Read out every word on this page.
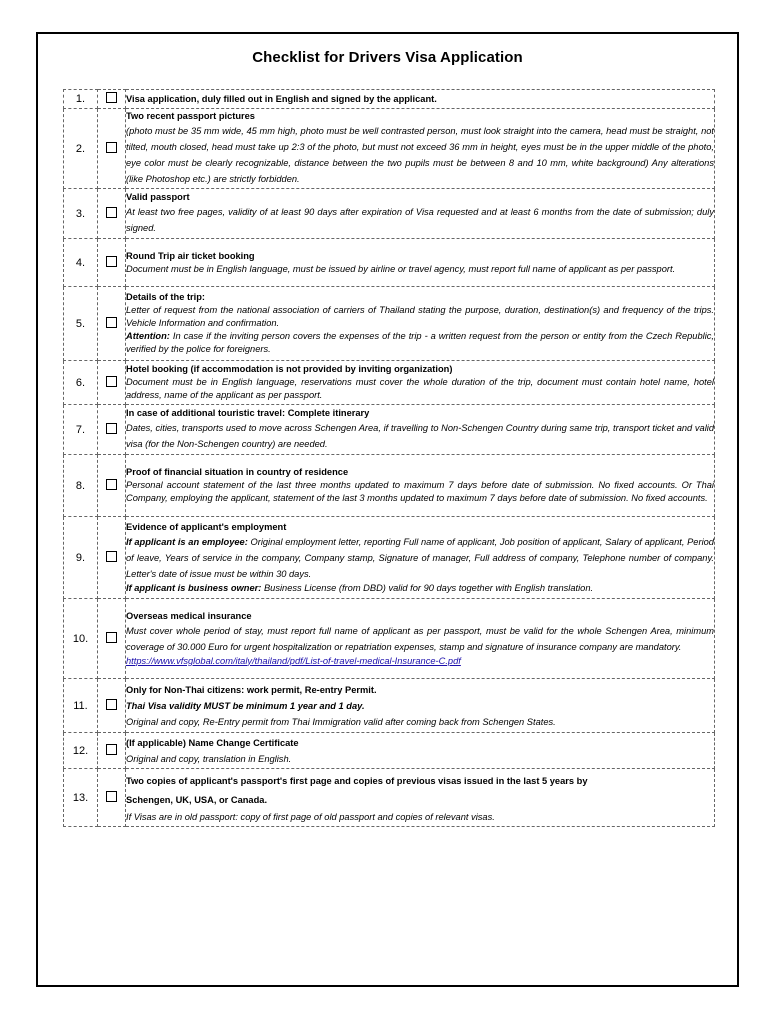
Checklist for Drivers Visa Application
1.		Visa application, duly filled out in English and signed by the applicant.

2.		Two recent passport pictures
(photo must be 35 mm wide, 45 mm high, photo must be well contrasted person, must look straight into the camera, head must be straight, not tilted, mouth closed, head must take up 2:3 of the photo, but must not exceed 36 mm in height, eyes must be in the upper middle of the photo, eye color must be clearly recognizable, distance between the two pupils must be between 8 and 10 mm, white background) Any alterations (like Photoshop etc.) are strictly forbidden.

3.		Valid passport
At least two free pages, validity of at least 90 days after expiration of Visa requested and at least 6 months from the date of submission; duly signed.

4.		Round Trip air ticket booking
Document must be in English language, must be issued by airline or travel agency, must report full name of applicant as per passport.

5.		Details of the trip:
Letter of request from the national association of carriers of Thailand stating the purpose, duration, destination(s) and frequency of the trips. Vehicle Information and confirmation.
Attention: In case if the inviting person covers the expenses of the trip - a written request from the person or entity from the Czech Republic, verified by the police for foreigners.

6.		Hotel booking (if accommodation is not provided by inviting organization)
Document must be in English language, reservations must cover the whole duration of the trip, document must contain hotel name, hotel address, name of the applicant as per passport.

7.		In case of additional touristic travel: Complete itinerary
Dates, cities, transports used to move across Schengen Area, if travelling to Non-Schengen Country during same trip, transport ticket and valid visa (for the Non-Schengen country) are needed.

8.		Proof of financial situation in country of residence
Personal account statement of the last three months updated to maximum 7 days before date of submission. No fixed accounts. Or Thai Company, employing the applicant, statement of the last 3 months updated to maximum 7 days before date of submission. No fixed accounts.

9.		Evidence of applicant's employment
If applicant is an employee: Original employment letter, reporting Full name of applicant, Job position of applicant, Salary of applicant, Period of leave, Years of service in the company, Company stamp, Signature of manager, Full address of company, Telephone number of company. Letter's date of issue must be within 30 days.
If applicant is business owner: Business License (from DBD) valid for 90 days together with English translation.

10.		Overseas medical insurance
Must cover whole period of stay, must report full name of applicant as per passport, must be valid for the whole Schengen Area, minimum coverage of 30.000 Euro for urgent hospitalization or repatriation expenses, stamp and signature of insurance company are mandatory.
https://www.vfsglobal.com/italy/thailand/pdf/List-of-travel-medical-Insurance-C.pdf

11.		Only for Non-Thai citizens: work permit, Re-entry Permit.
Thai Visa validity MUST be minimum 1 year and 1 day.
Original and copy, Re-Entry permit from Thai Immigration valid after coming back from Schengen States.

12.		(If applicable) Name Change Certificate
Original and copy, translation in English.

13.		Two copies of applicant's passport's first page and copies of previous visas issued in the last 5 years by
Schengen, UK, USA, or Canada.
If Visas are in old passport: copy of first page of old passport and copies of relevant visas.
